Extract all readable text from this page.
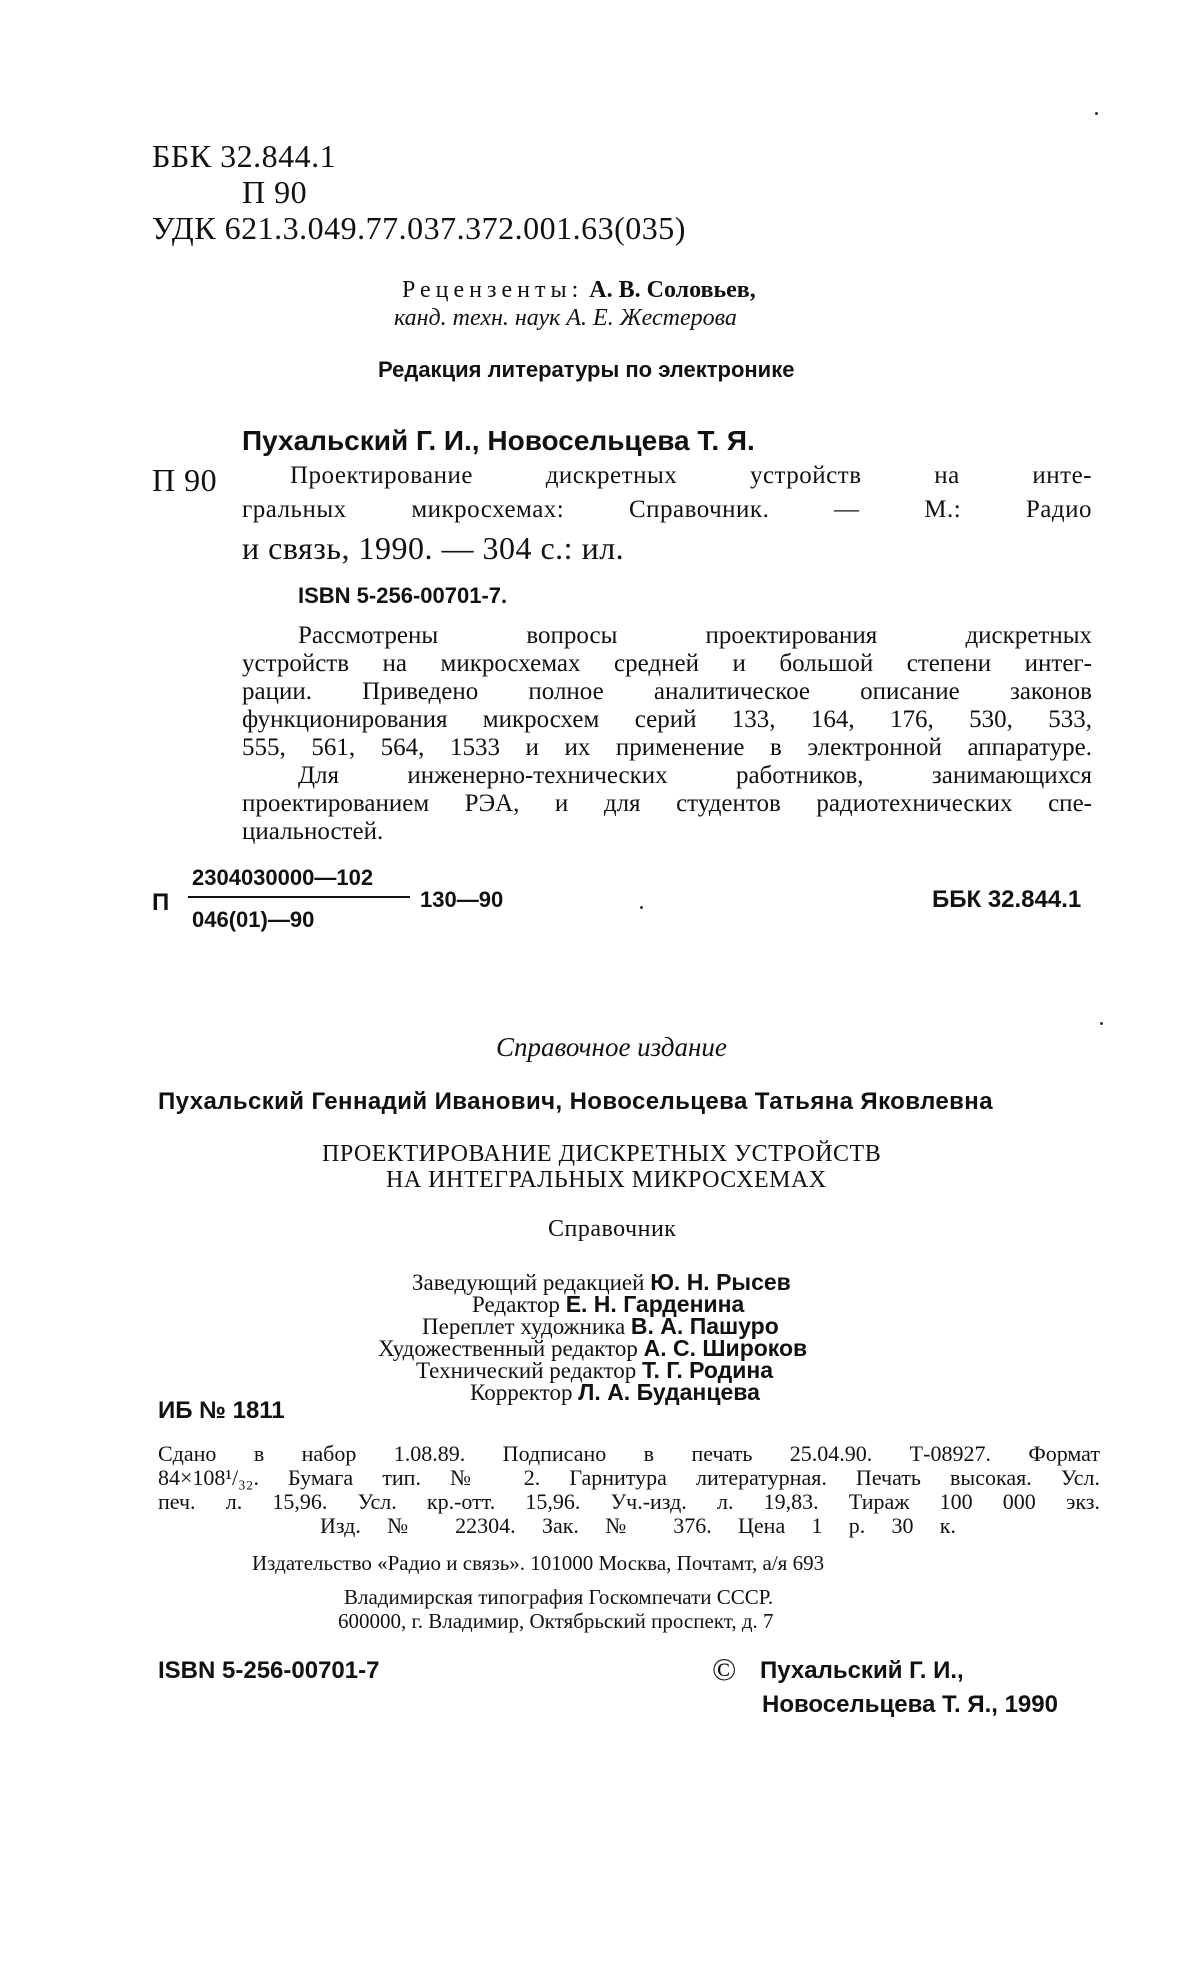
ББК 32.844.1
П 90
УДК 621.3.049.77.037.372.001.63(035)
Рецензенты: А. В. Соловьев,
канд. техн. наук А. Е. Жестерова
Редакция литературы по электронике
Пухальский Г. И., Новосельцева Т. Я.
П 90	Проектирование дискретных устройств на инте-
гральных микросхемах: Справочник. — М.: Радио
и связь, 1990. — 304 с.: ил.
ISBN 5-256-00701-7.
Рассмотрены вопросы проектирования дискретных
устройств на микросхемах средней и большой степени интег-
рации. Приведено полное аналитическое описание законов
функционирования микросхем серий 133, 164, 176, 530, 533,
555, 561, 564, 1533 и их применение в электронной аппаратуре.
Для инженерно-технических работников, занимающихся
проектированием РЭА, и для студентов радиотехнических спе-
циальностей.
П
2304030000—102
046(01)—90
130—90	ББК 32.844.1
Справочное издание
Пухальский Геннадий Иванович, Новосельцева Татьяна Яковлевна
ПРОЕКТИРОВАНИЕ ДИСКРЕТНЫХ УСТРОЙСТВ
НА ИНТЕГРАЛЬНЫХ МИКРОСХЕМАХ
Справочник
Заведующий редакцией Ю. Н. Рысев
Редактор Е. Н. Гарденина
Переплет художника В. А. Пашуро
Художественный редактор А. С. Широков
Технический редактор Т. Г. Родина
Корректор Л. А. Буданцева
ИБ № 1811
Сдано в набор 1.08.89. Подписано в печать 25.04.90. Т-08927. Формат
84×108¹/₃₂. Бумага тип. № 2. Гарнитура литературная. Печать высокая. Усл.
печ. л. 15,96. Усл. кр.-отт. 15,96. Уч.-изд. л. 19,83. Тираж 100 000 экз.
Изд. № 22304. Зак. № 376. Цена 1 р. 30 к.
Издательство «Радио и связь». 101000 Москва, Почтамт, а/я 693
Владимирская типография Госкомпечати СССР.
600000, г. Владимир, Октябрьский проспект, д. 7
ISBN 5-256-00701-7	© Пухальский Г. И.,
Новосельцева Т. Я., 1990
